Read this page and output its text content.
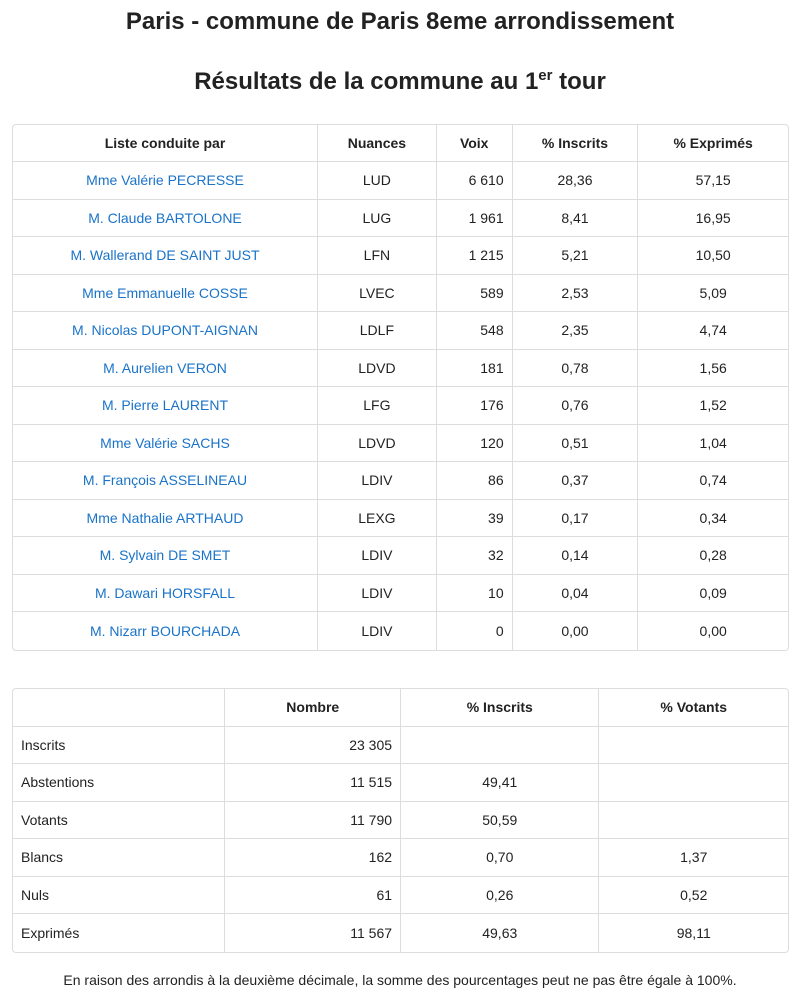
Paris - commune de Paris 8eme arrondissement
Résultats de la commune au 1er tour
Liste conduite par	Nuances	Voix	% Inscrits	% Exprimés
Mme Valérie PECRESSE	LUD	6 610	28,36	57,15
M. Claude BARTOLONE	LUG	1 961	8,41	16,95
M. Wallerand DE SAINT JUST	LFN	1 215	5,21	10,50
Mme Emmanuelle COSSE	LVEC	589	2,53	5,09
M. Nicolas DUPONT-AIGNAN	LDLF	548	2,35	4,74
M. Aurelien VERON	LDVD	181	0,78	1,56
M. Pierre LAURENT	LFG	176	0,76	1,52
Mme Valérie SACHS	LDVD	120	0,51	1,04
M. François ASSELINEAU	LDIV	86	0,37	0,74
Mme Nathalie ARTHAUD	LEXG	39	0,17	0,34
M. Sylvain DE SMET	LDIV	32	0,14	0,28
M. Dawari HORSFALL	LDIV	10	0,04	0,09
M. Nizarr BOURCHADA	LDIV	0	0,00	0,00
	Nombre	% Inscrits	% Votants
Inscrits	23 305		
Abstentions	11 515	49,41	
Votants	11 790	50,59	
Blancs	162	0,70	1,37
Nuls	61	0,26	0,52
Exprimés	11 567	49,63	98,11

En raison des arrondis à la deuxième décimale, la somme des pourcentages peut ne pas être égale à 100%.
